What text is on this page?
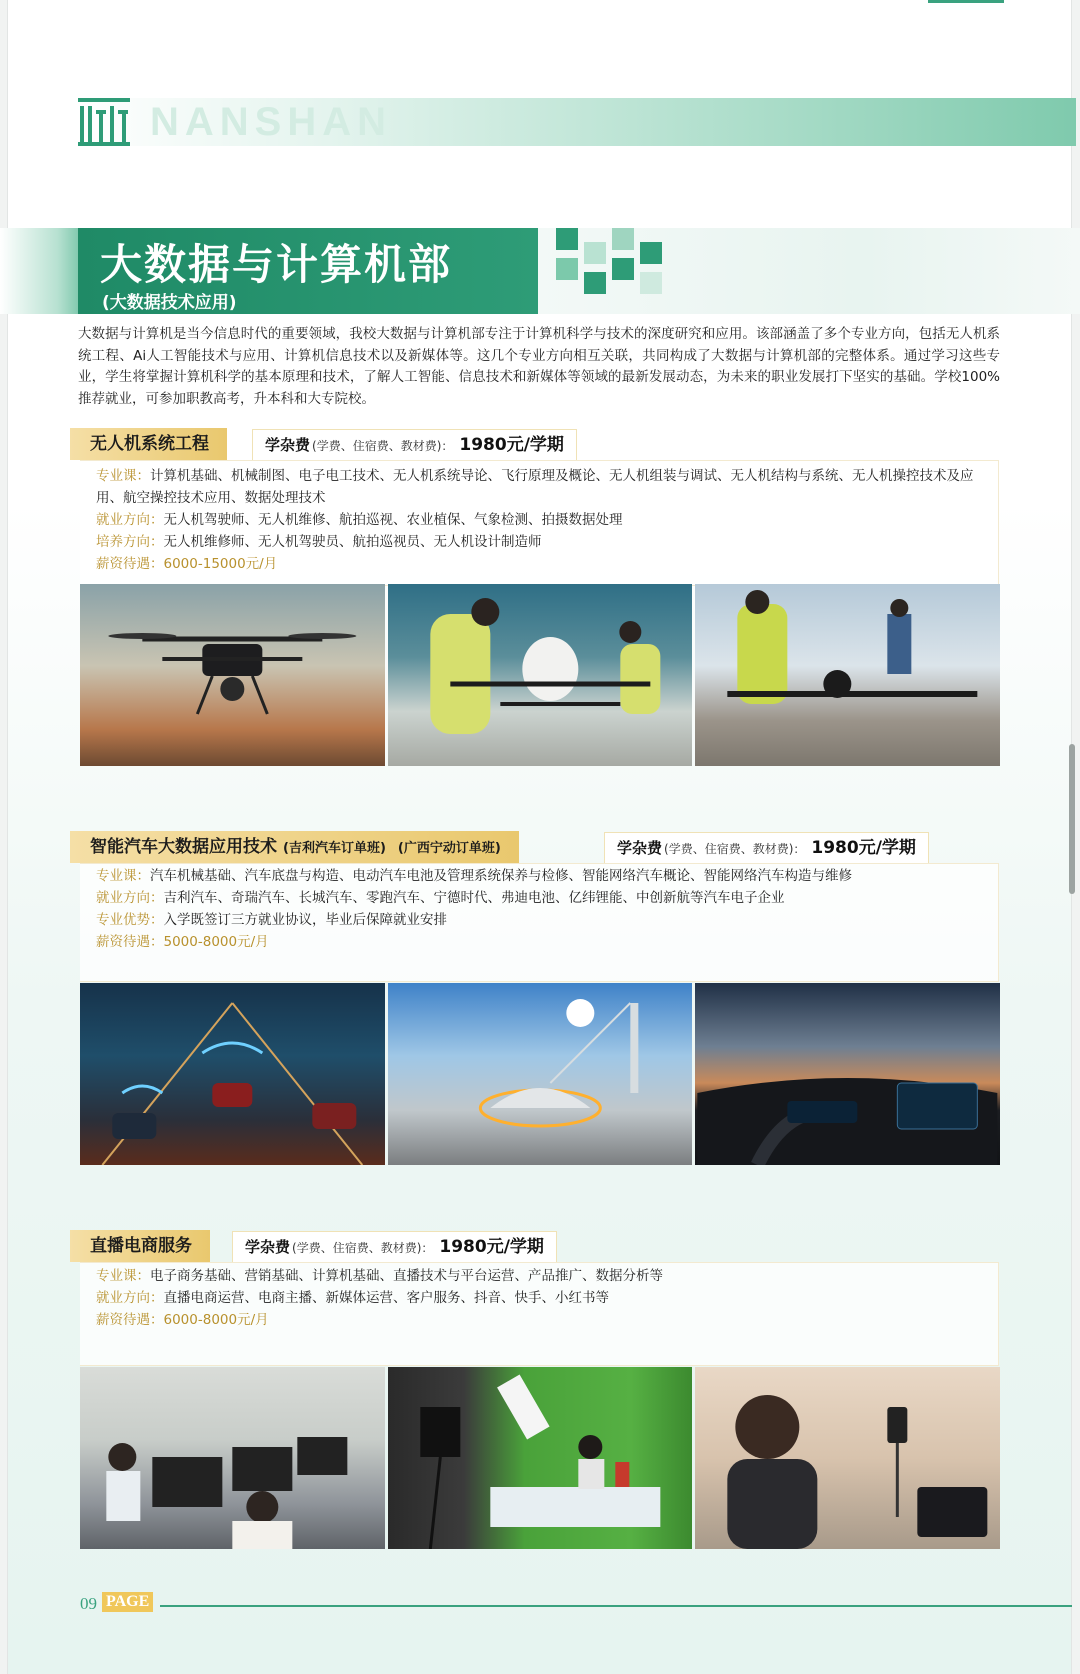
NANSHAN
大数据与计算机部
(大数据技术应用)
大数据与计算机是当今信息时代的重要领域，我校大数据与计算机部专注于计算机科学与技术的深度研究和应用。该部涵盖了多个专业方向，包括无人机系统工程、Ai人工智能技术与应用、计算机信息技术以及新媒体等。这几个专业方向相互关联，共同构成了大数据与计算机部的完整体系。通过学习这些专业，学生将掌握计算机科学的基本原理和技术，了解人工智能、信息技术和新媒体等领域的最新发展动态，为未来的职业发展打下坚实的基础。学校100%推荐就业，可参加职教高考，升本科和大专院校。
无人机系统工程	学杂费 (学费、住宿费、教材费)： 1980元/学期
专业课：计算机基础、机械制图、电子电工技术、无人机系统导论、飞行原理及概论、无人机组装与调试、无人机结构与系统、无人机操控技术及应用、航空操控技术应用、数据处理技术
就业方向：无人机驾驶师、无人机维修、航拍巡视、农业植保、气象检测、拍摄数据处理
培养方向：无人机维修师、无人机驾驶员、航拍巡视员、无人机设计制造师
薪资待遇：6000-15000元/月
智能汽车大数据应用技术 (吉利汽车订单班) (广西宁动订单班)	学杂费 (学费、住宿费、教材费)： 1980元/学期
专业课：汽车机械基础、汽车底盘与构造、电动汽车电池及管理系统保养与检修、智能网络汽车概论、智能网络汽车构造与维修
就业方向：吉利汽车、奇瑞汽车、长城汽车、零跑汽车、宁德时代、弗迪电池、亿纬锂能、中创新航等汽车电子企业
专业优势：入学既签订三方就业协议，毕业后保障就业安排
薪资待遇：5000-8000元/月
直播电商服务	学杂费 (学费、住宿费、教材费)： 1980元/学期
专业课：电子商务基础、营销基础、计算机基础、直播技术与平台运营、产品推广、数据分析等
就业方向：直播电商运营、电商主播、新媒体运营、客户服务、抖音、快手、小红书等
薪资待遇：6000-8000元/月
09 PAGE
